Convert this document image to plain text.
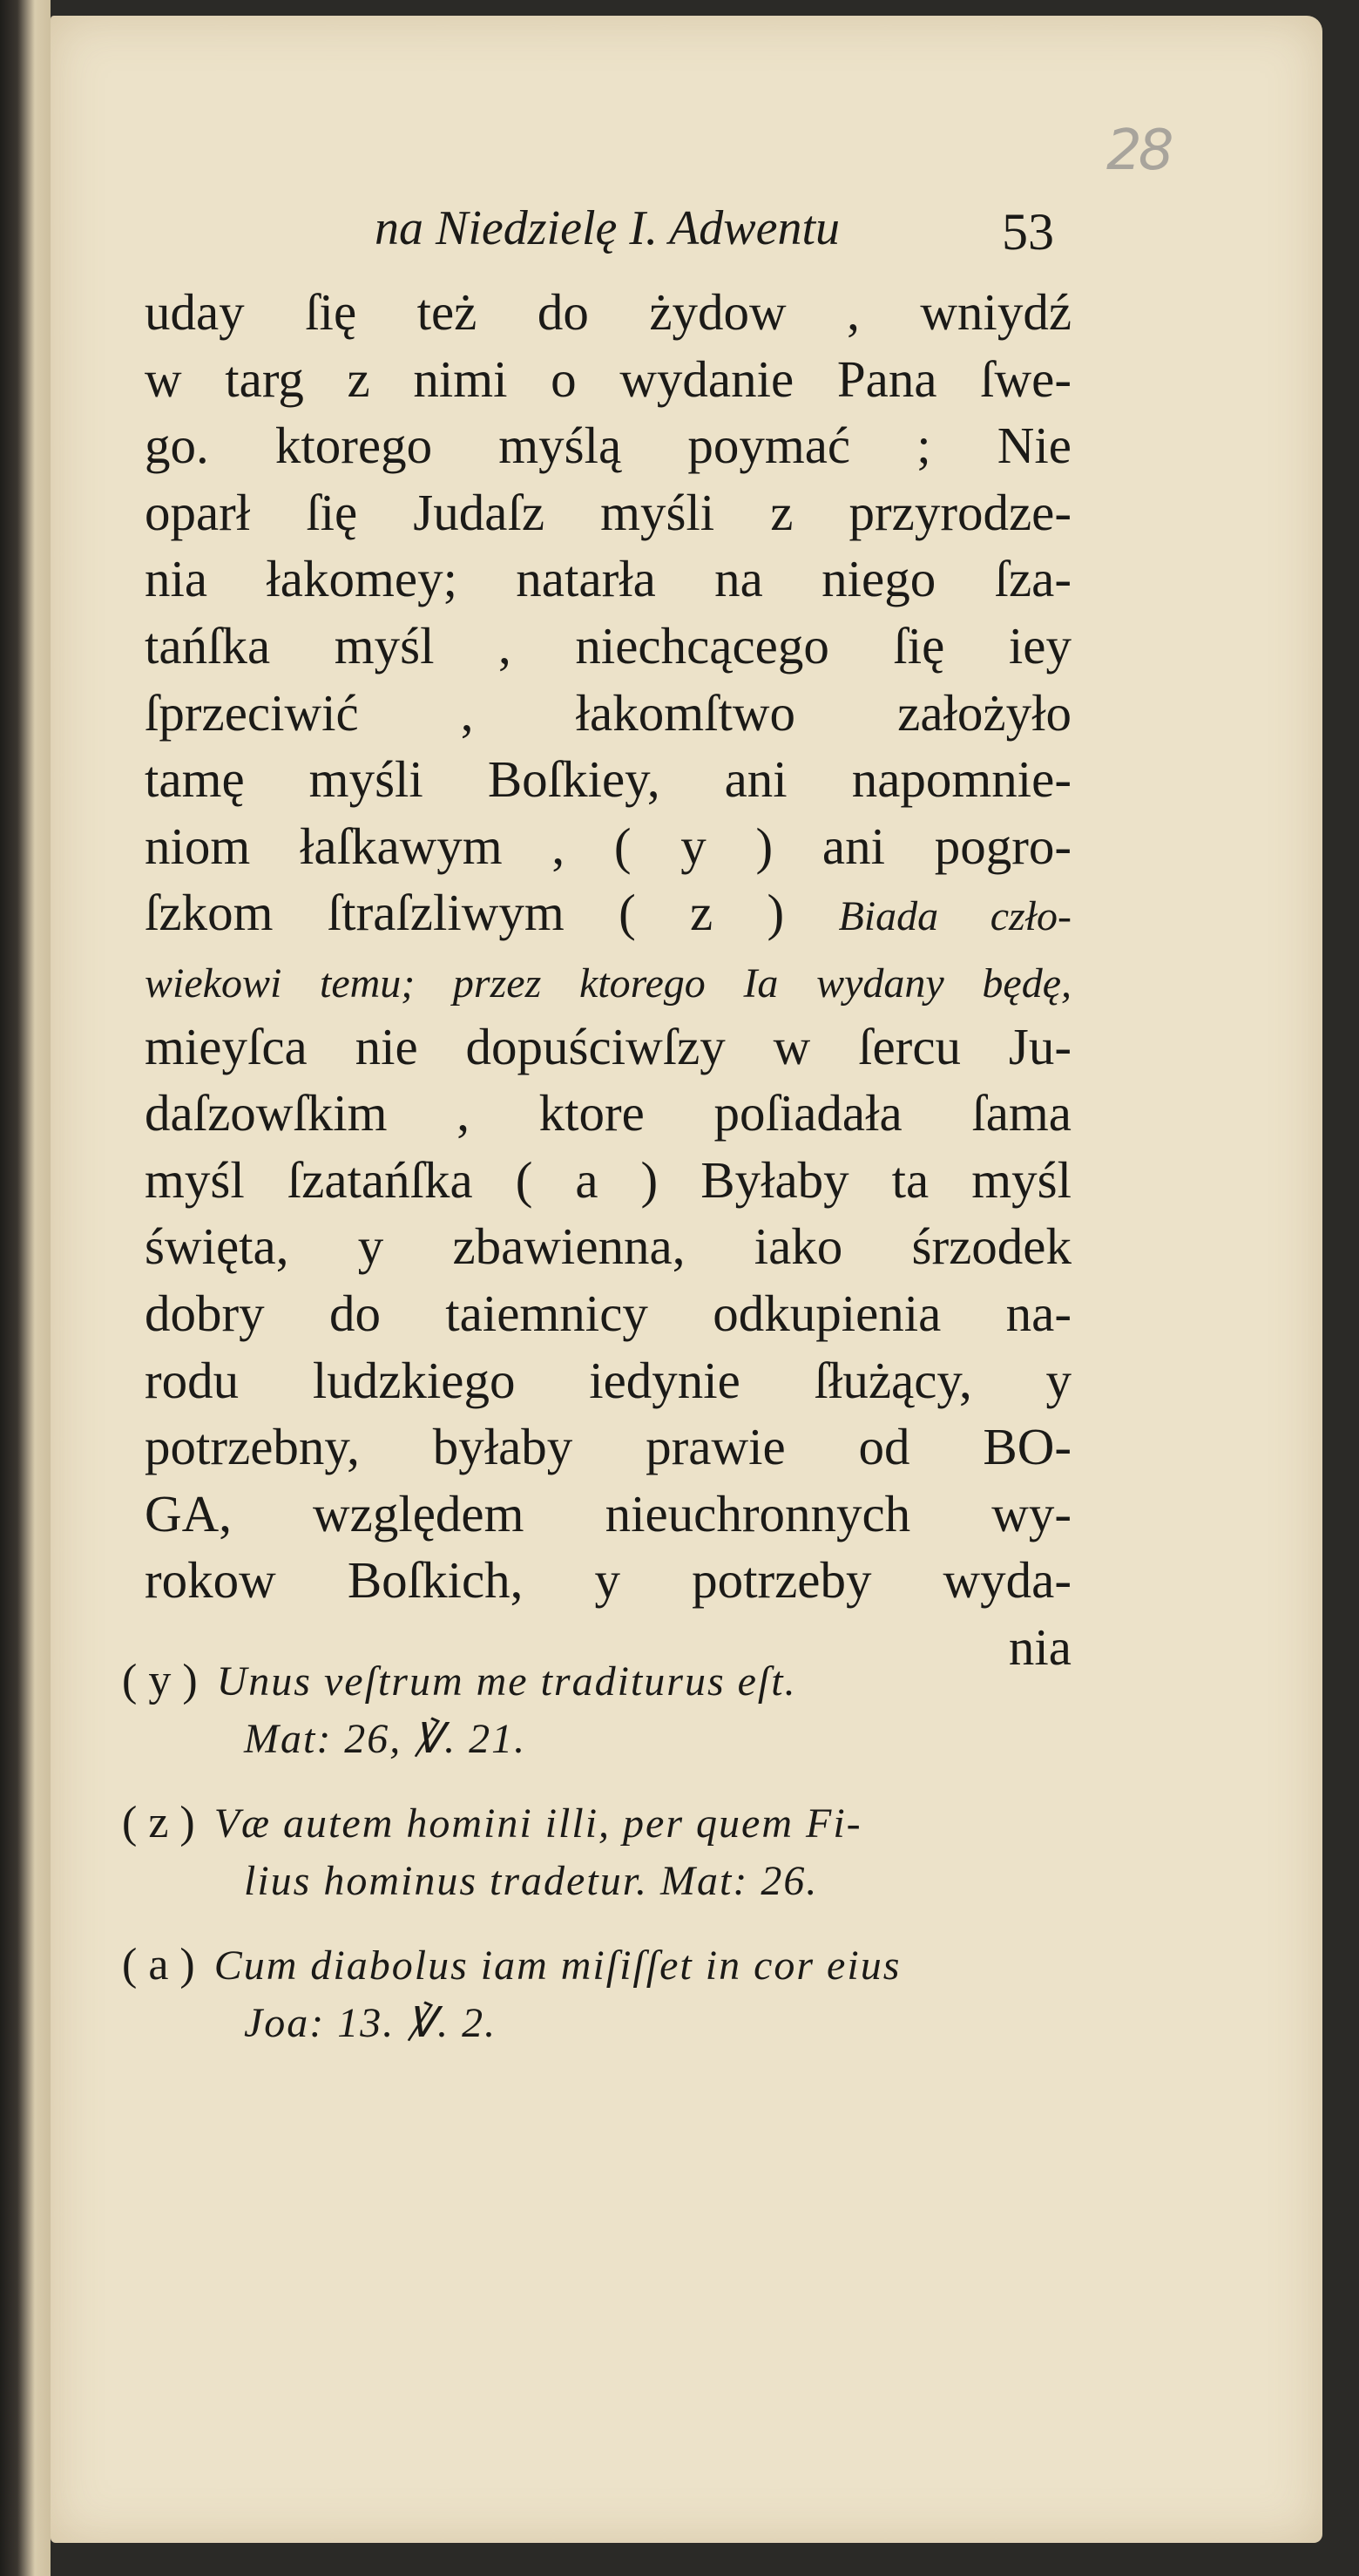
28
na Niedzielę I. Adwentu	53
uday ſię też do żydow , wniydź
w targ z nimi o wydanie Pana ſwe-
go. ktorego myślą poymać ; Nie
oparł ſię Judaſz myśli z przyrodze-
nia łakomey; natarła na niego ſza-
tańſka myśl , niechcącego ſię iey
ſprzeciwić , łakomſtwo założyło
tamę myśli Boſkiey, ani napomnie-
niom łaſkawym , ( y ) ani pogro-
ſzkom ſtraſzliwym ( z ) Biada czło-
wiekowi temu; przez ktorego Ia wydany będę,
mieyſca nie dopuściwſzy w ſercu Ju-
daſzowſkim , ktore poſiadała ſama
myśl ſzatańſka ( a ) Byłaby ta myśl
święta, y zbawienna, iako śrzodek
dobry do taiemnicy odkupienia na-
rodu ludzkiego iedynie ſłużący, y
potrzebny, byłaby prawie od BO-
GA, względem nieuchronnych wy-
rokow Boſkich, y potrzeby wyda-
nia
( y ) Unus veſtrum me traditurus eſt.
Mat: 26, ℣. 21.
( z ) Væ autem homini illi, per quem Fi-
lius hominus tradetur. Mat: 26.
( a ) Cum diabolus iam miſiſſet in cor eius
Joa: 13. ℣. 2.
